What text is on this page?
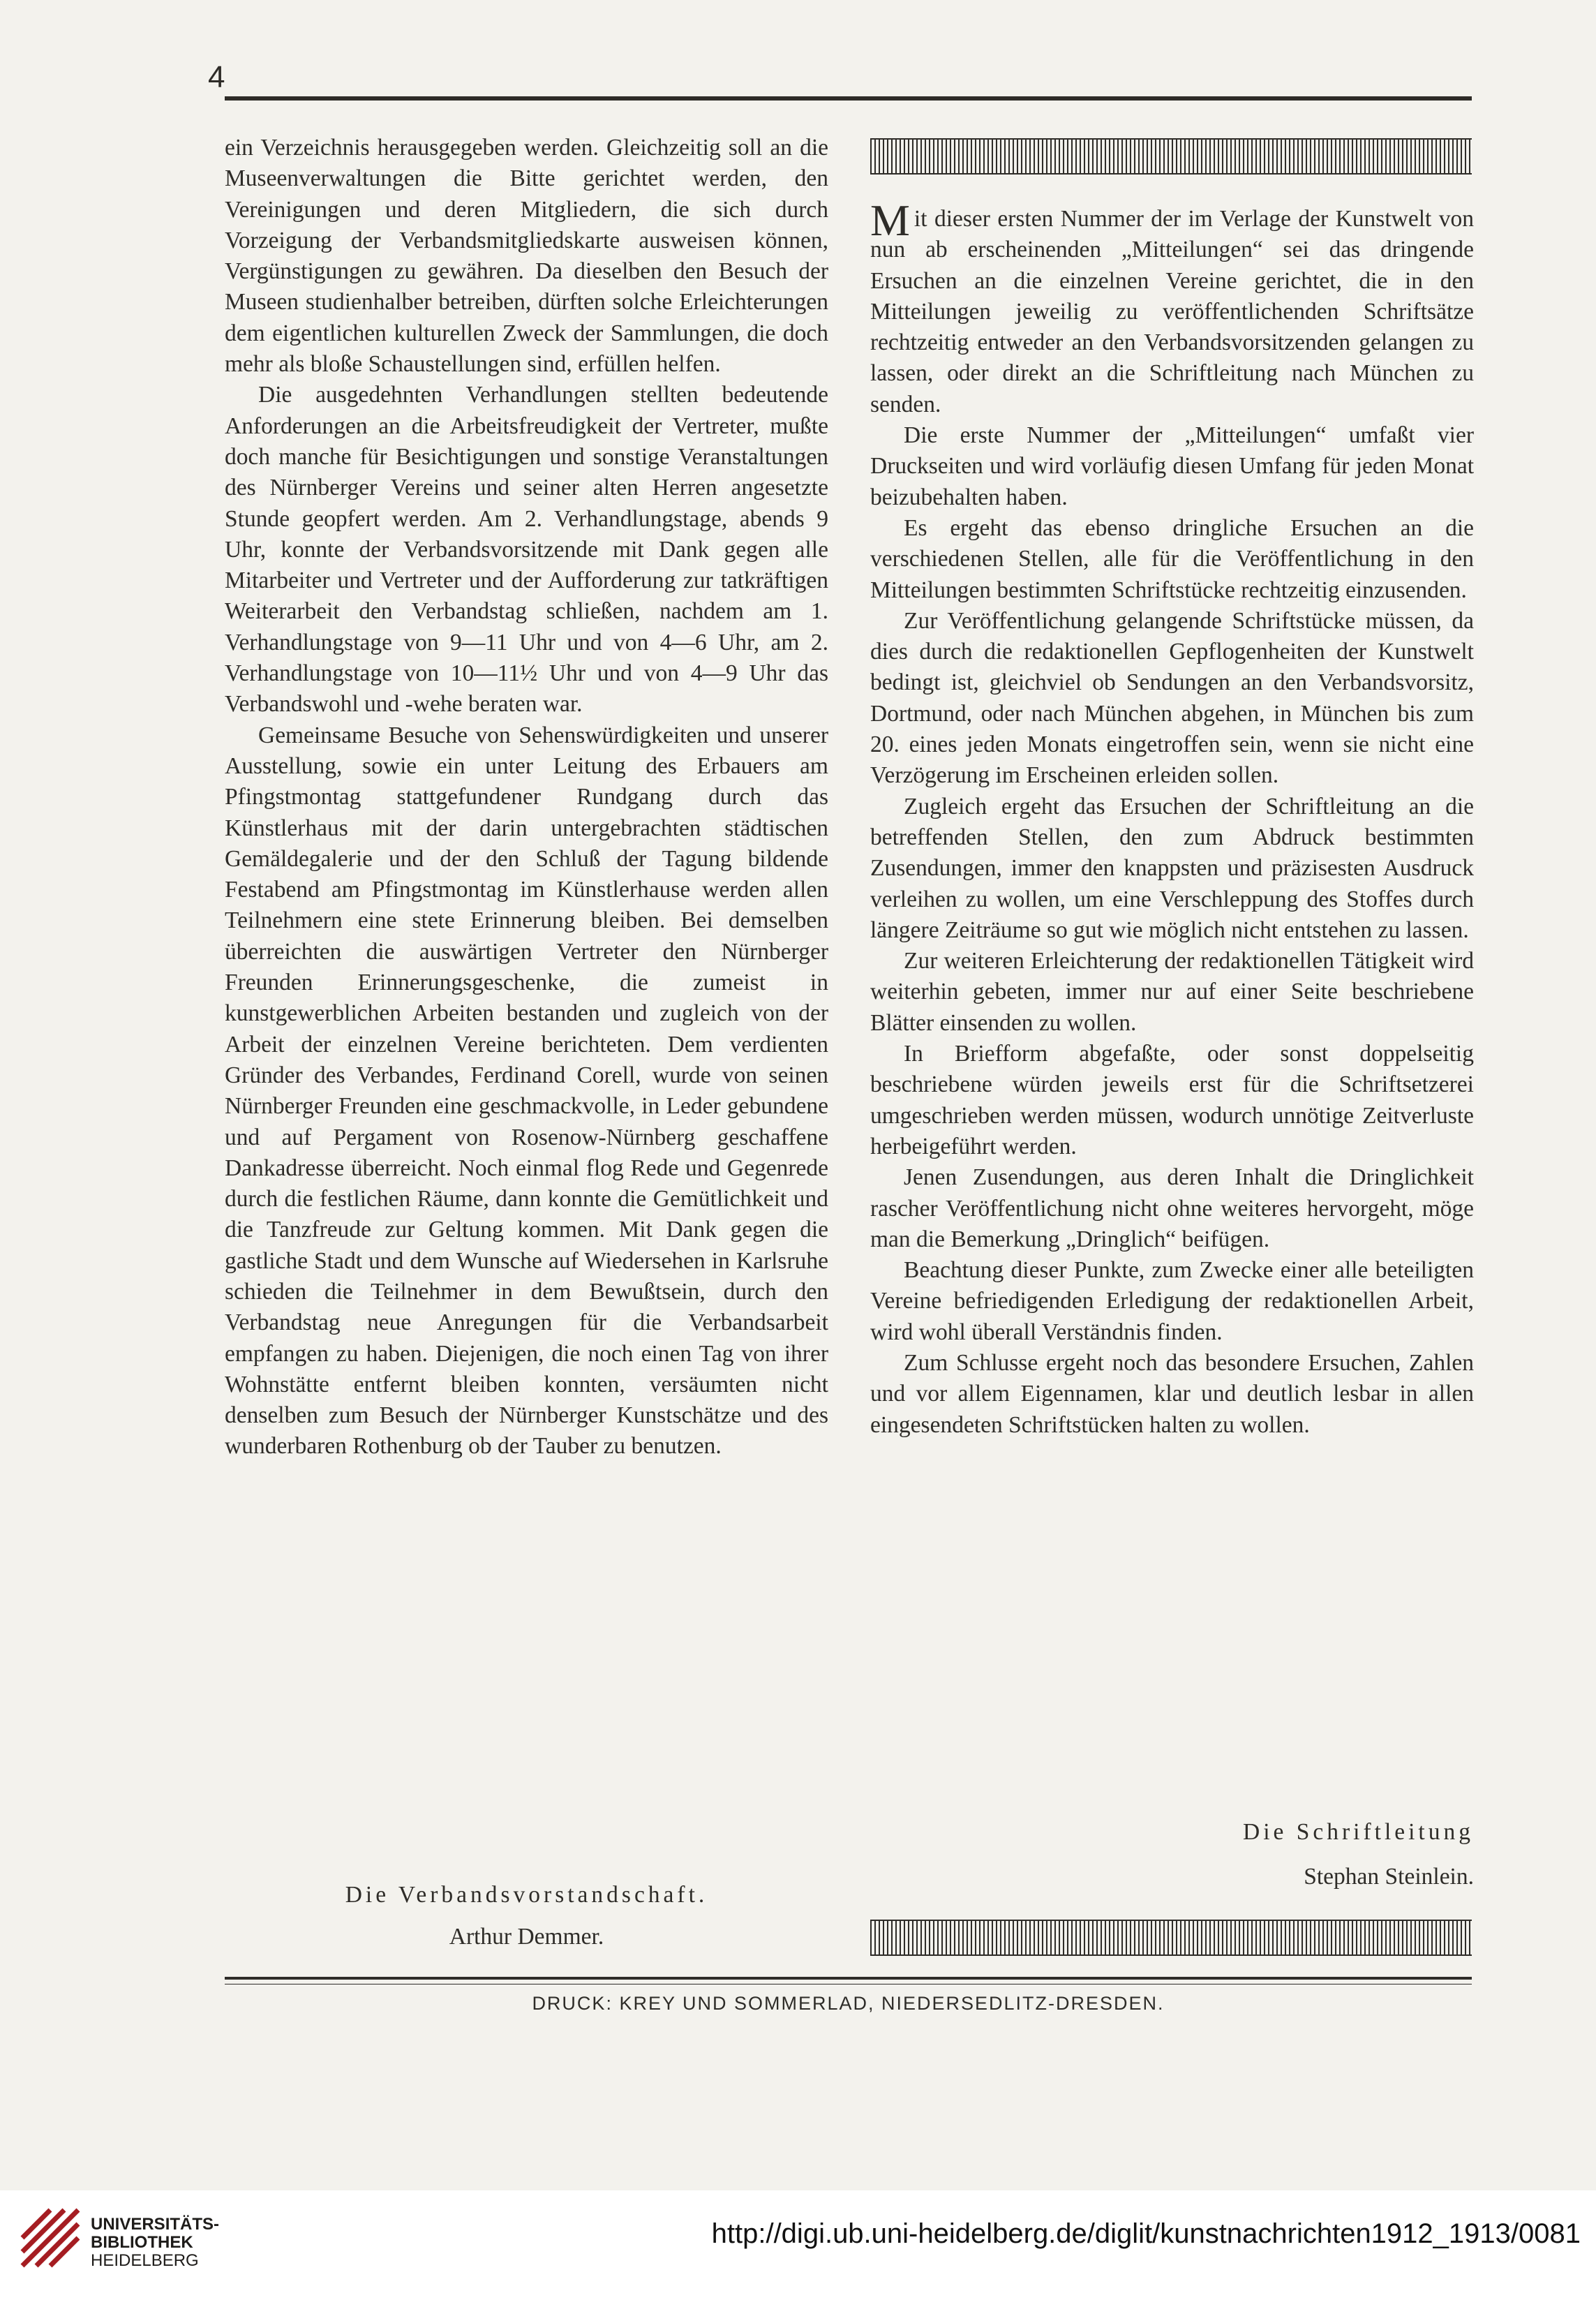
4

ein Verzeichnis herausgegeben werden. Gleichzeitig soll an die Museenverwaltungen die Bitte gerichtet werden, den Vereinigungen und deren Mitgliedern, die sich durch Vorzeigung der Verbandsmitgliedskarte ausweisen können, Vergünstigungen zu gewähren. Da dieselben den Besuch der Museen studienhalber betreiben, dürften solche Erleichterungen dem eigentlichen kulturellen Zweck der Sammlungen, die doch mehr als bloße Schaustellungen sind, erfüllen helfen.

Die ausgedehnten Verhandlungen stellten bedeutende Anforderungen an die Arbeitsfreudigkeit der Vertreter, mußte doch manche für Besichtigungen und sonstige Veranstaltungen des Nürnberger Vereins und seiner alten Herren angesetzte Stunde geopfert werden. Am 2. Verhandlungstage, abends 9 Uhr, konnte der Verbandsvorsitzende mit Dank gegen alle Mitarbeiter und Vertreter und der Aufforderung zur tatkräftigen Weiterarbeit den Verbandstag schließen, nachdem am 1. Verhandlungstage von 9—11 Uhr und von 4—6 Uhr, am 2. Verhandlungstage von 10—11½ Uhr und von 4—9 Uhr das Verbandswohl und -wehe beraten war.

Gemeinsame Besuche von Sehenswürdigkeiten und unserer Ausstellung, sowie ein unter Leitung des Erbauers am Pfingstmontag stattgefundener Rundgang durch das Künstlerhaus mit der darin untergebrachten städtischen Gemäldegalerie und der den Schluß der Tagung bildende Festabend am Pfingstmontag im Künstlerhause werden allen Teilnehmern eine stete Erinnerung bleiben. Bei demselben überreichten die auswärtigen Vertreter den Nürnberger Freunden Erinnerungsgeschenke, die zumeist in kunstgewerblichen Arbeiten bestanden und zugleich von der Arbeit der einzelnen Vereine berichteten. Dem verdienten Gründer des Verbandes, Ferdinand Corell, wurde von seinen Nürnberger Freunden eine geschmackvolle, in Leder gebundene und auf Pergament von Rosenow-Nürnberg geschaffene Dankadresse überreicht. Noch einmal flog Rede und Gegenrede durch die festlichen Räume, dann konnte die Gemütlichkeit und die Tanzfreude zur Geltung kommen. Mit Dank gegen die gastliche Stadt und dem Wunsche auf Wiedersehen in Karlsruhe schieden die Teilnehmer in dem Bewußtsein, durch den Verbandstag neue Anregungen für die Verbandsarbeit empfangen zu haben. Diejenigen, die noch einen Tag von ihrer Wohnstätte entfernt bleiben konnten, versäumten nicht denselben zum Besuch der Nürnberger Kunstschätze und des wunderbaren Rothenburg ob der Tauber zu benutzen.

Die Verbandsvorstandschaft.
Arthur Demmer.

Mit dieser ersten Nummer der im Verlage der Kunstwelt von nun ab erscheinenden „Mitteilungen“ sei das dringende Ersuchen an die einzelnen Vereine gerichtet, die in den Mitteilungen jeweilig zu veröffentlichenden Schriftsätze rechtzeitig entweder an den Verbandsvorsitzenden gelangen zu lassen, oder direkt an die Schriftleitung nach München zu senden.

Die erste Nummer der „Mitteilungen“ umfaßt vier Druckseiten und wird vorläufig diesen Umfang für jeden Monat beizubehalten haben.

Es ergeht das ebenso dringliche Ersuchen an die verschiedenen Stellen, alle für die Veröffentlichung in den Mitteilungen bestimmten Schriftstücke rechtzeitig einzusenden.

Zur Veröffentlichung gelangende Schriftstücke müssen, da dies durch die redaktionellen Gepflogenheiten der Kunstwelt bedingt ist, gleichviel ob Sendungen an den Verbandsvorsitz, Dortmund, oder nach München abgehen, in München bis zum 20. eines jeden Monats eingetroffen sein, wenn sie nicht eine Verzögerung im Erscheinen erleiden sollen.

Zugleich ergeht das Ersuchen der Schriftleitung an die betreffenden Stellen, den zum Abdruck bestimmten Zusendungen, immer den knappsten und präzisesten Ausdruck verleihen zu wollen, um eine Verschleppung des Stoffes durch längere Zeiträume so gut wie möglich nicht entstehen zu lassen.

Zur weiteren Erleichterung der redaktionellen Tätigkeit wird weiterhin gebeten, immer nur auf einer Seite beschriebene Blätter einsenden zu wollen.

In Briefform abgefaßte, oder sonst doppelseitig beschriebene würden jeweils erst für die Schriftsetzerei umgeschrieben werden müssen, wodurch unnötige Zeitverluste herbeigeführt werden.

Jenen Zusendungen, aus deren Inhalt die Dringlichkeit rascher Veröffentlichung nicht ohne weiteres hervorgeht, möge man die Bemerkung „Dringlich“ beifügen.

Beachtung dieser Punkte, zum Zwecke einer alle beteiligten Vereine befriedigenden Erledigung der redaktionellen Arbeit, wird wohl überall Verständnis finden.

Zum Schlusse ergeht noch das besondere Ersuchen, Zahlen und vor allem Eigennamen, klar und deutlich lesbar in allen eingesendeten Schriftstücken halten zu wollen.

Die Schriftleitung
Stephan Steinlein.
DRUCK: KREY UND SOMMERLAD, NIEDERSEDLITZ-DRESDEN.
UNIVERSITÄTS-
BIBLIOTHEK
HEIDELBERG
http://digi.ub.uni-heidelberg.de/diglit/kunstnachrichten1912_1913/0081
